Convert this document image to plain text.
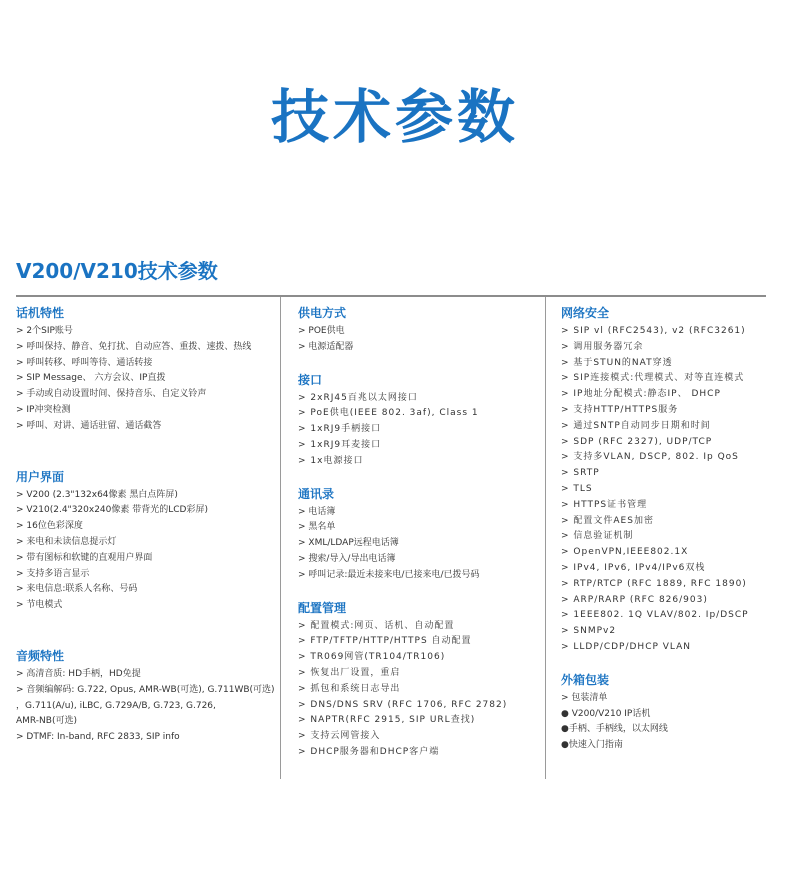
技术参数
V200/V210技术参数
话机特性
> 2个SIP账号
> 呼叫保持、静音、免打扰、自动应答、重拨、速拨、热线
> 呼叫转移、呼叫等待、通话转接
> SIP Message、 六方会议、IP直拨
> 手动或自动设置时间、保持音乐、自定义铃声
> IP冲突检测
> 呼叫、对讲、通话驻留、通话截答
用户界面
> V200 (2.3"132x64像素 黑白点阵屏)
> V210(2.4"320x240像素 带背光的LCD彩屏)
> 16位色彩深度
> 来电和未读信息提示灯
> 带有图标和软键的直观用户界面
> 支持多语言显示
> 来电信息:联系人名称、号码
> 节电模式
音频特性
> 高清音质: HD手柄，HD免提
> 音频编解码: G.722, Opus, AMR-WB(可选), G.711WB(可选)
，G.711(A/u), iLBC, G.729A/B, G.723, G.726,
AMR-NB(可选)
> DTMF: In-band, RFC 2833, SIP info
供电方式
> POE供电
> 电源适配器
接口
> 2xRJ45百兆以太网接口
> PoE供电(IEEE 802. 3af), Class 1
> 1xRJ9手柄接口
> 1xRJ9耳麦接口
> 1x电源接口
通讯录
> 电话簿
> 黑名单
> XML/LDAP远程电话簿
> 搜索/导入/导出电话簿
> 呼叫记录:最近未接来电/已接来电/已拨号码
配置管理
> 配置模式:网页、话机、自动配置
> FTP/TFTP/HTTP/HTTPS 自动配置
> TR069网管(TR104/TR106)
> 恢复出厂设置，重启
> 抓包和系统日志导出
> DNS/DNS SRV (RFC 1706, RFC 2782)
> NAPTR(RFC 2915, SIP URL查找)
> 支持云网管接入
> DHCP服务器和DHCP客户端
网络安全
> SIP vl (RFC2543), v2 (RFC3261)
> 调用服务器冗余
> 基于STUN的NAT穿透
> SIP连接模式:代理模式、对等直连模式
> IP地址分配模式:静态IP、 DHCP
> 支持HTTP/HTTPS服务
> 通过SNTP自动同步日期和时间
> SDP (RFC 2327), UDP/TCP
> 支持多VLAN, DSCP, 802. Ip QoS
> SRTP
> TLS
> HTTPS证书管理
> 配置文件AES加密
> 信息验证机制
> OpenVPN,IEEE802.1X
> IPv4, IPv6, IPv4/IPv6双栈
> RTP/RTCP (RFC 1889, RFC 1890)
> ARP/RARP (RFC 826/903)
> 1EEE802. 1Q VLAV/802. Ip/DSCP
> SNMPv2
> LLDP/CDP/DHCP VLAN
外箱包装
> 包装清单
● V200/V210 IP话机
●手柄、手柄线，以太网线
●快速入门指南
